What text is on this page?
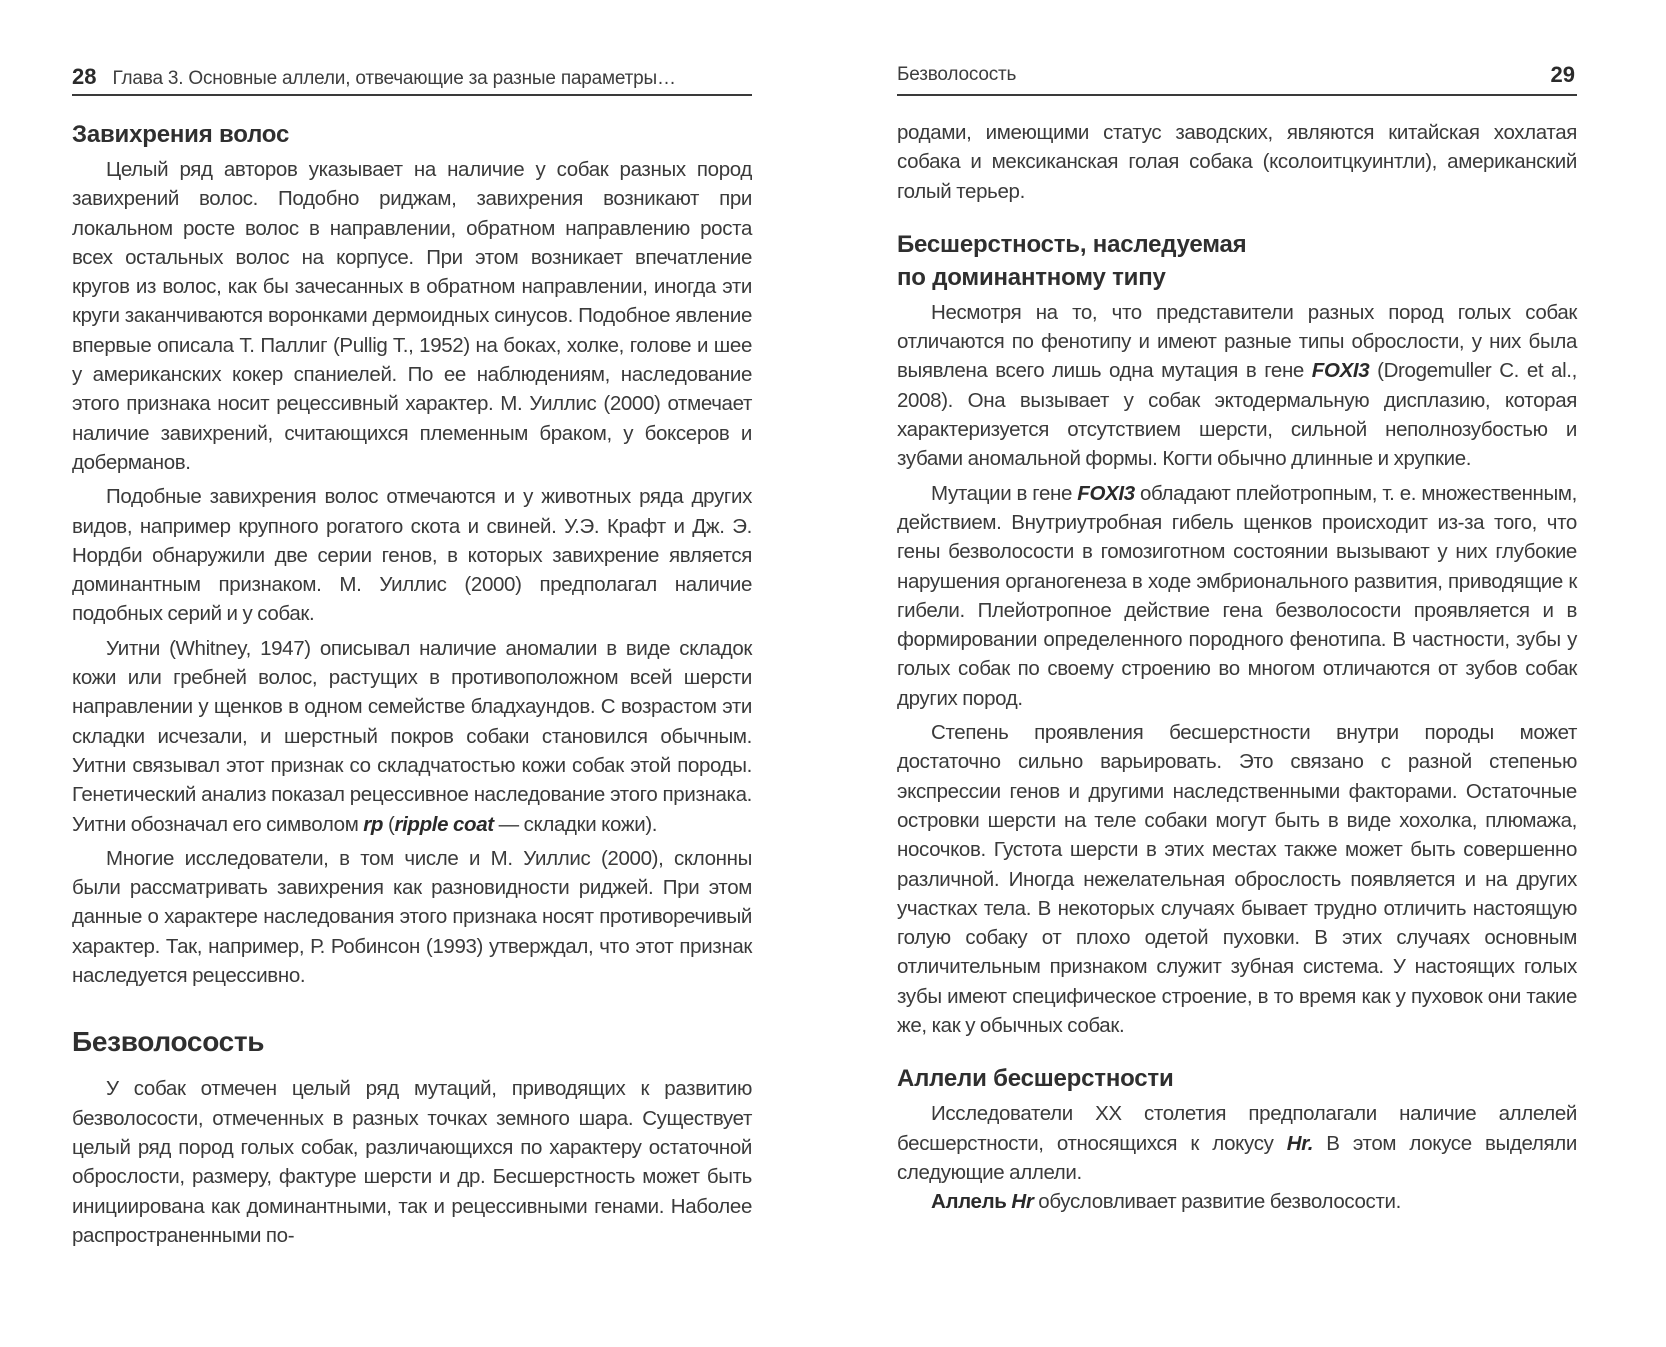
28 Глава 3. Основные аллели, отвечающие за разные параметры…
Завихрения волос

Целый ряд авторов указывает на наличие у собак разных пород завихрений волос. Подобно риджам, завихрения возникают при локальном росте волос в направлении, обратном направлению роста всех остальных волос на корпусе. При этом возникает впечатление кругов из волос, как бы зачесанных в обратном направлении, иногда эти круги заканчиваются воронками дермоидных синусов. Подобное явление впервые описала Т. Паллиг (Pullig T., 1952) на боках, холке, голове и шее у американских кокер спаниелей. По ее наблюдениям, наследование этого признака носит рецессивный характер. М. Уиллис (2000) отмечает наличие завихрений, считающихся племенным браком, у боксеров и доберманов.

Подобные завихрения волос отмечаются и у животных ряда других видов, например крупного рогатого скота и свиней. У.Э. Крафт и Дж. Э. Нордби обнаружили две серии генов, в которых завихрение является доминантным признаком. М. Уиллис (2000) предполагал наличие подобных серий и у собак.

Уитни (Whitney, 1947) описывал наличие аномалии в виде складок кожи или гребней волос, растущих в противоположном всей шерсти направлении у щенков в одном семействе бладхаундов. С возрастом эти складки исчезали, и шерстный покров собаки становился обычным. Уитни связывал этот признак со складчатостью кожи собак этой породы. Генетический анализ показал рецессивное наследование этого признака. Уитни обозначал его символом rp (ripple coat — складки кожи).

Многие исследователи, в том числе и М. Уиллис (2000), склонны были рассматривать завихрения как разновидности риджей. При этом данные о характере наследования этого признака носят противоречивый характер. Так, например, Р. Робинсон (1993) утверждал, что этот признак наследуется рецессивно.

Безволосость

У собак отмечен целый ряд мутаций, приводящих к развитию безволосости, отмеченных в разных точках земного шара. Существует целый ряд пород голых собак, различающихся по характеру остаточной оброслости, размеру, фактуре шерсти и др. Бесшерстность может быть инициирована как доминантными, так и рецессивными генами. Наболее распространенными по-

Безволосость	29

родами, имеющими статус заводских, являются китайская хохлатая собака и мексиканская голая собака (ксолоитцкуинтли), американский голый терьер.

Бесшерстность, наследуемая
по доминантному типу

Несмотря на то, что представители разных пород голых собак отличаются по фенотипу и имеют разные типы оброслости, у них была выявлена всего лишь одна мутация в гене FOXI3 (Drogemuller C. et al., 2008). Она вызывает у собак эктодермальную дисплазию, которая характеризуется отсутствием шерсти, сильной неполнозубостью и зубами аномальной формы. Когти обычно длинные и хрупкие.

Мутации в гене FOXI3 обладают плейотропным, т. е. множественным, действием. Внутриутробная гибель щенков происходит из-за того, что гены безволосости в гомозиготном состоянии вызывают у них глубокие нарушения органогенеза в ходе эмбрионального развития, приводящие к гибели. Плейотропное действие гена безволосости проявляется и в формировании определенного породного фенотипа. В частности, зубы у голых собак по своему строению во многом отличаются от зубов собак других пород.

Степень проявления бесшерстности внутри породы может достаточно сильно варьировать. Это связано с разной степенью экспрессии генов и другими наследственными факторами. Остаточные островки шерсти на теле собаки могут быть в виде хохолка, плюмажа, носочков. Густота шерсти в этих местах также может быть совершенно различной. Иногда нежелательная оброслость появляется и на других участках тела. В некоторых случаях бывает трудно отличить настоящую голую собаку от плохо одетой пуховки. В этих случаях основным отличительным признаком служит зубная система. У настоящих голых зубы имеют специфическое строение, в то время как у пуховок они такие же, как у обычных собак.

Аллели бесшерстности

Исследователи XX столетия предполагали наличие аллелей бесшерстности, относящихся к локусу Hr. В этом локусе выделяли следующие аллели.

Аллель Hr обусловливает развитие безволосости.
